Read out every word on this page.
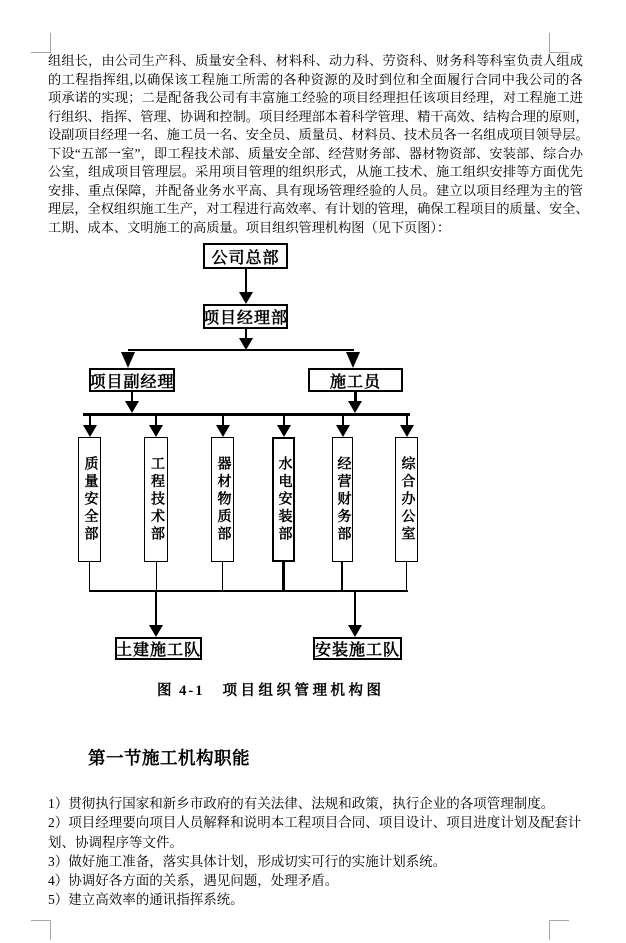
组组长，由公司生产科、质量安全科、材料科、动力科、劳资科、财务科等科室负责人组成
的工程指挥组,以确保该工程施工所需的各种资源的及时到位和全面履行合同中我公司的各
项承诺的实现；二是配备我公司有丰富施工经验的项目经理担任该项目经理，对工程施工进
行组织、指挥、管理、协调和控制。项目经理部本着科学管理、精干高效、结构合理的原则，
设副项目经理一名、施工员一名、安全员、质量员、材料员、技术员各一名组成项目领导层。
下设“五部一室”，即工程技术部、质量安全部、经营财务部、器材物资部、安装部、综合办
公室，组成项目管理层。采用项目管理的组织形式，从施工技术、施工组织安排等方面优先
安排、重点保障，并配备业务水平高、具有现场管理经验的人员。建立以项目经理为主的管
理层，全权组织施工生产，对工程进行高效率、有计划的管理，确保工程项目的质量、安全、
工期、成本、文明施工的高质量。项目组织管理机构图（见下页图）：
公司总部
项目经理部
项目副经理	施工员
质量安全部	工程技术部	器材物质部	水电安装部	经营财务部	综合办公室
土建施工队	安装施工队
图 4-1 项目组织管理机构图
第一节施工机构职能
1）贯彻执行国家和新乡市政府的有关法律、法规和政策，执行企业的各项管理制度。
2）项目经理要向项目人员解释和说明本工程项目合同、项目设计、项目进度计划及配套计
划、协调程序等文件。
3）做好施工准备，落实具体计划，形成切实可行的实施计划系统。
4）协调好各方面的关系，遇见问题，处理矛盾。
5）建立高效率的通讯指挥系统。
